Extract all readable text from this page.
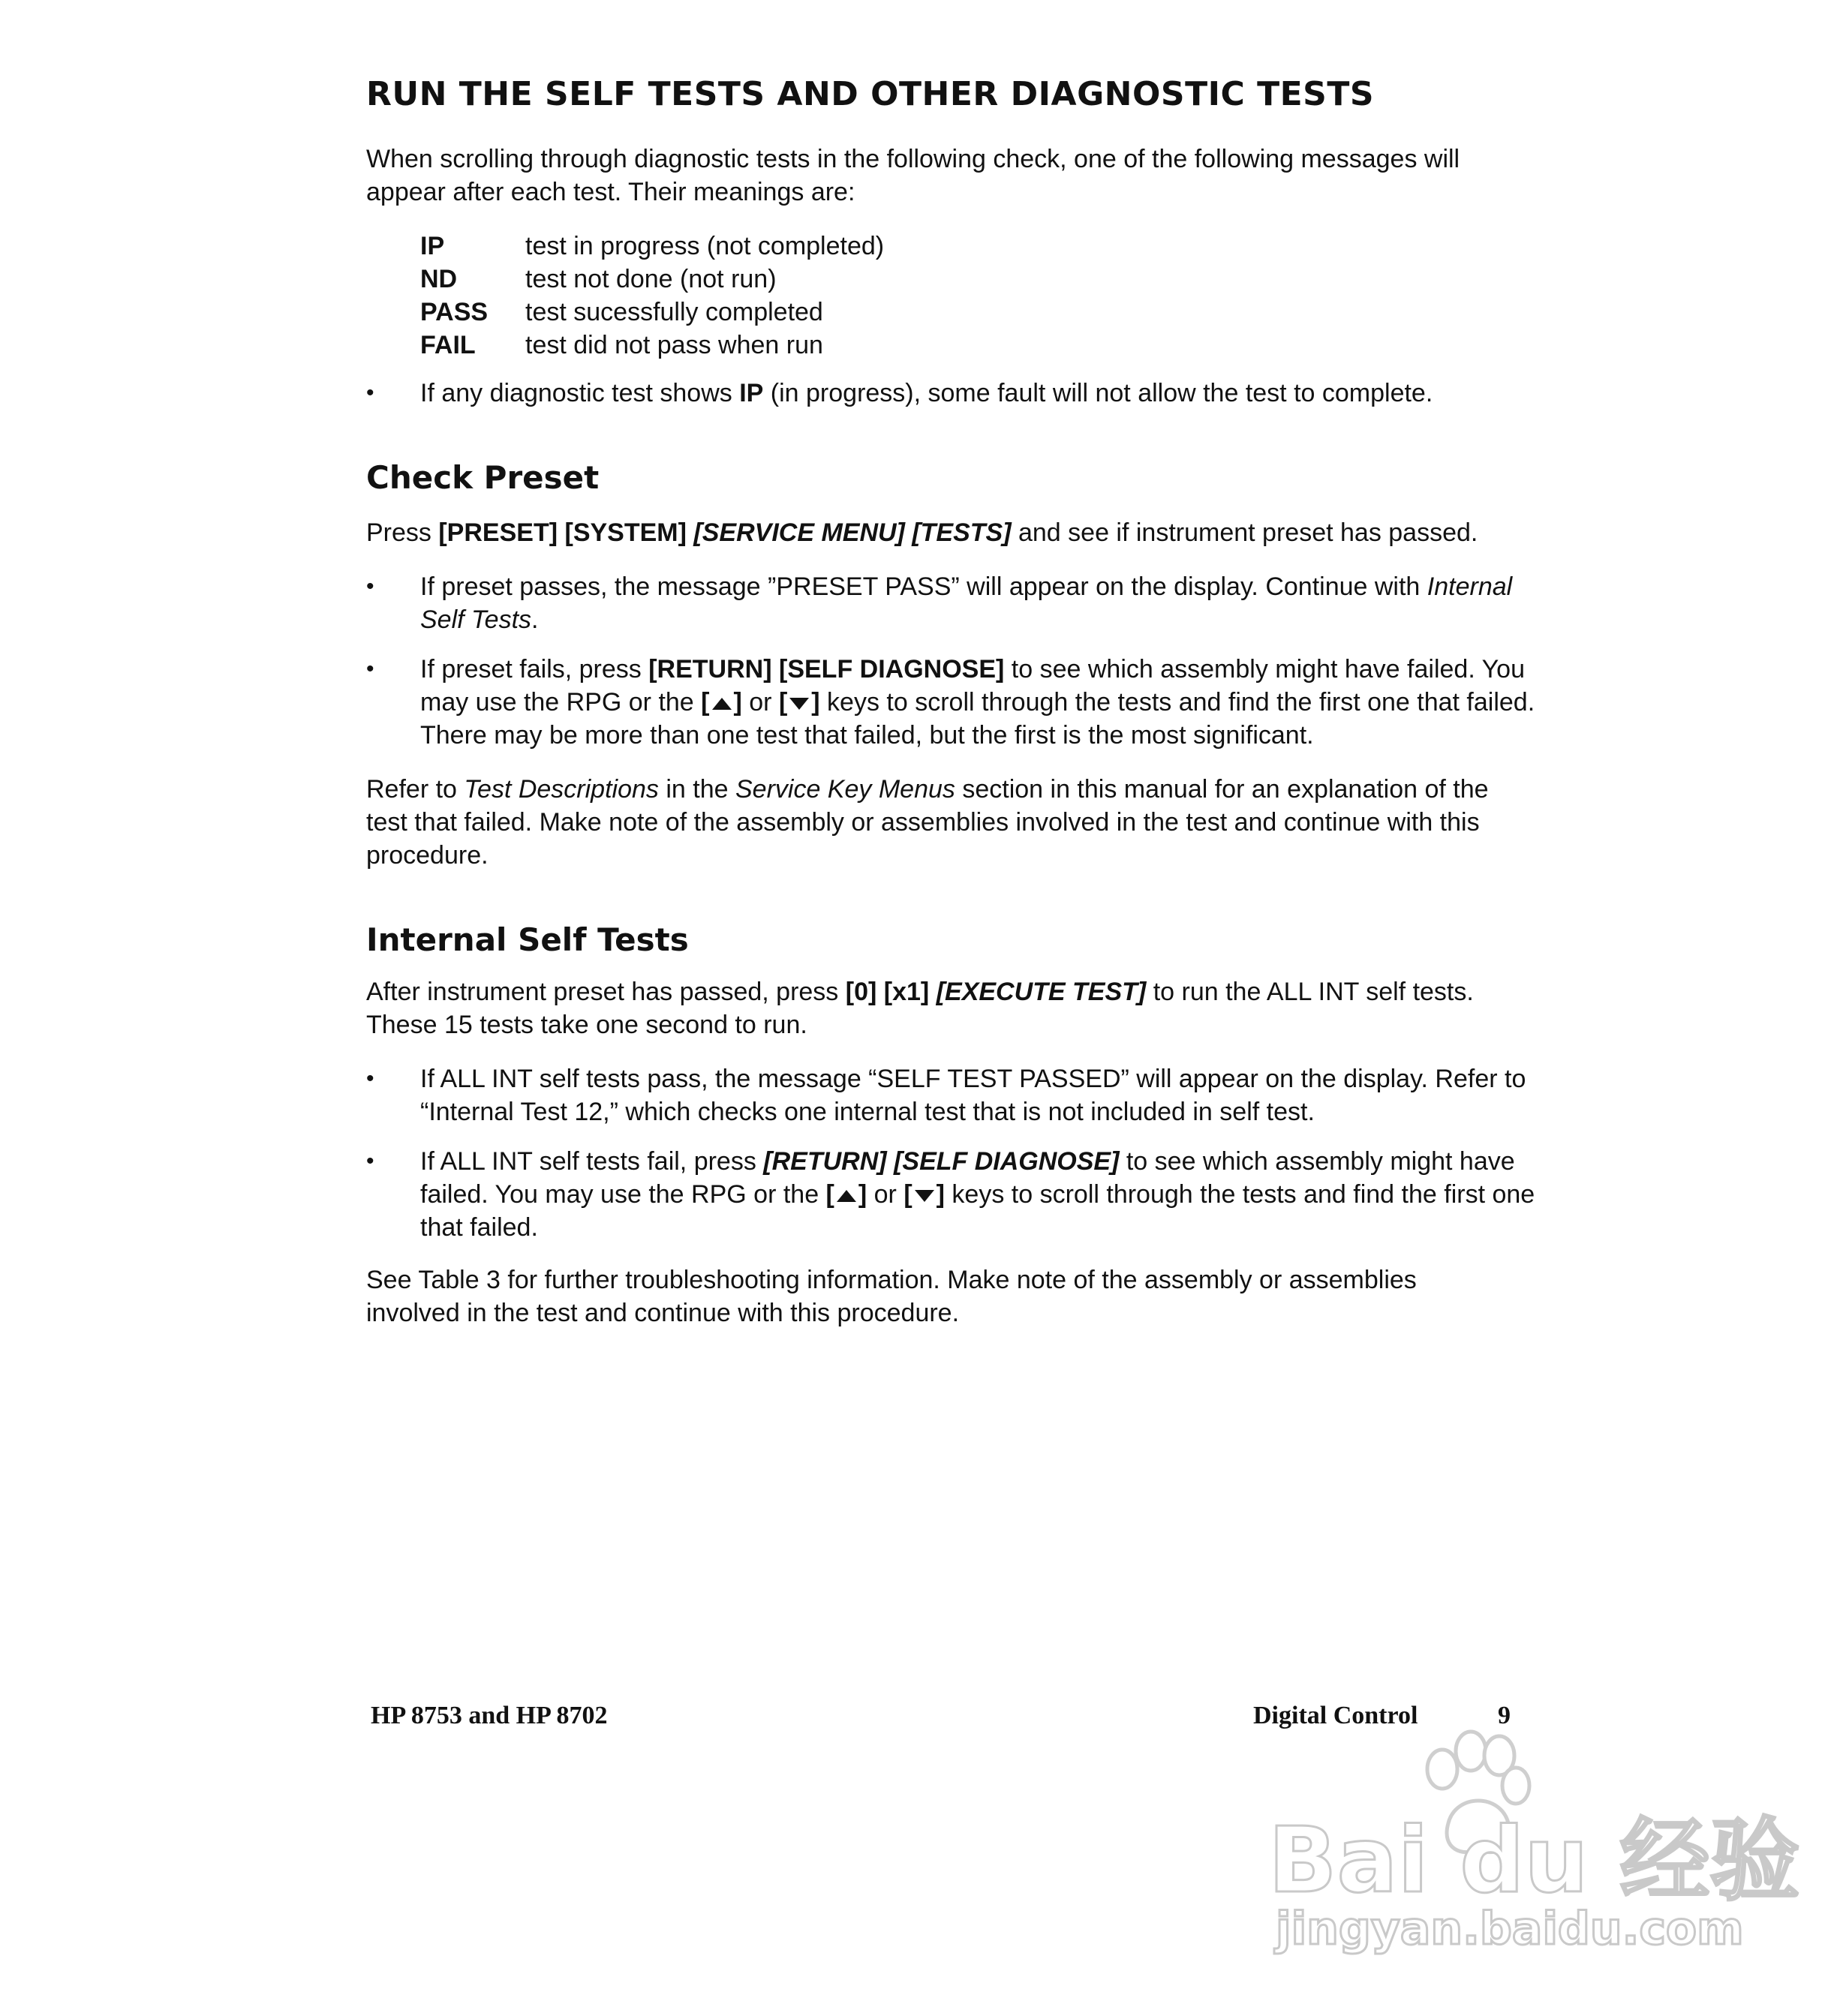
RUN THE SELF TESTS AND OTHER DIAGNOSTIC TESTS

When scrolling through diagnostic tests in the following check, one of the following messages will appear after each test. Their meanings are:

IP	test in progress (not completed)
ND	test not done (not run)
PASS	test sucessfully completed
FAIL	test did not pass when run
•	If any diagnostic test shows IP (in progress), some fault will not allow the test to complete.
Check Preset

Press [PRESET] [SYSTEM] [SERVICE MENU] [TESTS] and see if instrument preset has passed.

•	If preset passes, the message ”PRESET PASS” will appear on the display. Continue with Internal Self Tests.
•	If preset fails, press [RETURN] [SELF DIAGNOSE] to see which assembly might have failed. You may use the RPG or the [ ] or [ ] keys to scroll through the tests and find the first one that failed. There may be more than one test that failed, but the first is the most significant.

Refer to Test Descriptions in the Service Key Menus section in this manual for an explanation of the test that failed. Make note of the assembly or assemblies involved in the test and continue with this procedure.

Internal Self Tests

After instrument preset has passed, press [0] [x1] [EXECUTE TEST] to run the ALL INT self tests. These 15 tests take one second to run.

•	If ALL INT self tests pass, the message “SELF TEST PASSED” will appear on the display. Refer to “Internal Test 12,” which checks one internal test that is not included in self test.
•	If ALL INT self tests fail, press [RETURN] [SELF DIAGNOSE] to see which assembly might have failed. You may use the RPG or the [ ] or [ ] keys to scroll through the tests and find the first one that failed.

See Table 3 for further troubleshooting information. Make note of the assembly or assemblies involved in the test and continue with this procedure.

HP 8753 and HP 8702	Digital Control	9
Bai du 经验
jingyan.baidu.com
